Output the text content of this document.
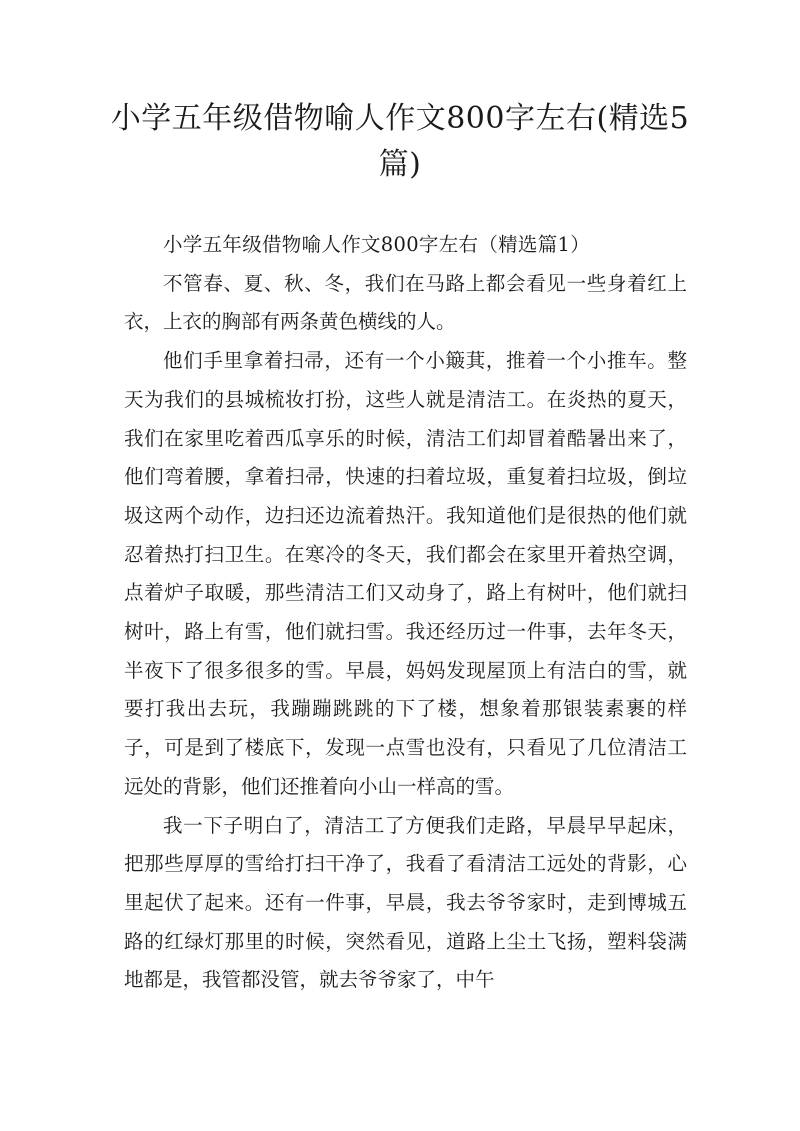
小学五年级借物喻人作文800字左右(精选5篇)

小学五年级借物喻人作文800字左右（精选篇1）

不管春、夏、秋、冬，我们在马路上都会看见一些身着红上衣，上衣的胸部有两条黄色横线的人。

他们手里拿着扫帚，还有一个小簸萁，推着一个小推车。整天为我们的县城梳妆打扮，这些人就是清洁工。在炎热的夏天，我们在家里吃着西瓜享乐的时候，清洁工们却冒着酷暑出来了，他们弯着腰，拿着扫帚，快速的扫着垃圾，重复着扫垃圾，倒垃圾这两个动作，边扫还边流着热汗。我知道他们是很热的他们就忍着热打扫卫生。在寒冷的冬天，我们都会在家里开着热空调，点着炉子取暖，那些清洁工们又动身了，路上有树叶，他们就扫树叶，路上有雪，他们就扫雪。我还经历过一件事，去年冬天，半夜下了很多很多的雪。早晨，妈妈发现屋顶上有洁白的雪，就要打我出去玩，我蹦蹦跳跳的下了楼，想象着那银装素裹的样子，可是到了楼底下，发现一点雪也没有，只看见了几位清洁工远处的背影，他们还推着向小山一样高的雪。

我一下子明白了，清洁工了方便我们走路，早晨早早起床，把那些厚厚的雪给打扫干净了，我看了看清洁工远处的背影，心里起伏了起来。还有一件事，早晨，我去爷爷家时，走到博城五路的红绿灯那里的时候，突然看见，道路上尘土飞扬，塑料袋满地都是，我管都没管，就去爷爷家了，中午
